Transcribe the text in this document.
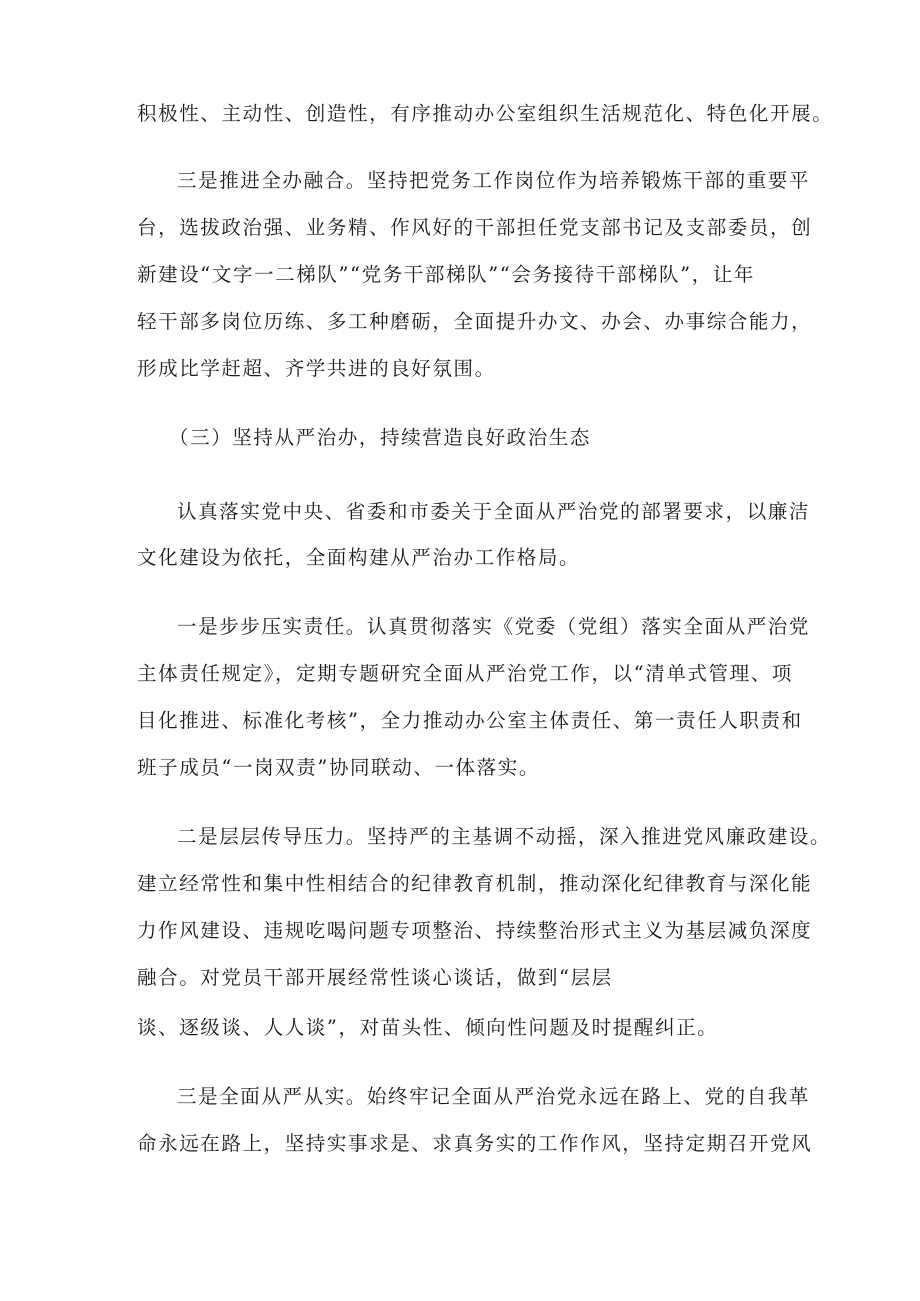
积极性、主动性、创造性，有序推动办公室组织生活规范化、特色化开展。
三是推进全办融合。坚持把党务工作岗位作为培养锻炼干部的重要平
台，选拔政治强、业务精、作风好的干部担任党支部书记及支部委员，创
新建设“文字一二梯队”“党务干部梯队”“会务接待干部梯队”，让年
轻干部多岗位历练、多工种磨砺，全面提升办文、办会、办事综合能力，
形成比学赶超、齐学共进的良好氛围。
（三）坚持从严治办，持续营造良好政治生态
认真落实党中央、省委和市委关于全面从严治党的部署要求，以廉洁
文化建设为依托，全面构建从严治办工作格局。
一是步步压实责任。认真贯彻落实《党委（党组）落实全面从严治党
主体责任规定》，定期专题研究全面从严治党工作，以“清单式管理、项
目化推进、标准化考核”，全力推动办公室主体责任、第一责任人职责和
班子成员“一岗双责”协同联动、一体落实。
二是层层传导压力。坚持严的主基调不动摇，深入推进党风廉政建设。
建立经常性和集中性相结合的纪律教育机制，推动深化纪律教育与深化能
力作风建设、违规吃喝问题专项整治、持续整治形式主义为基层减负深度
融合。对党员干部开展经常性谈心谈话，做到“层层
谈、逐级谈、人人谈”，对苗头性、倾向性问题及时提醒纠正。
三是全面从严从实。始终牢记全面从严治党永远在路上、党的自我革
命永远在路上，坚持实事求是、求真务实的工作作风，坚持定期召开党风
